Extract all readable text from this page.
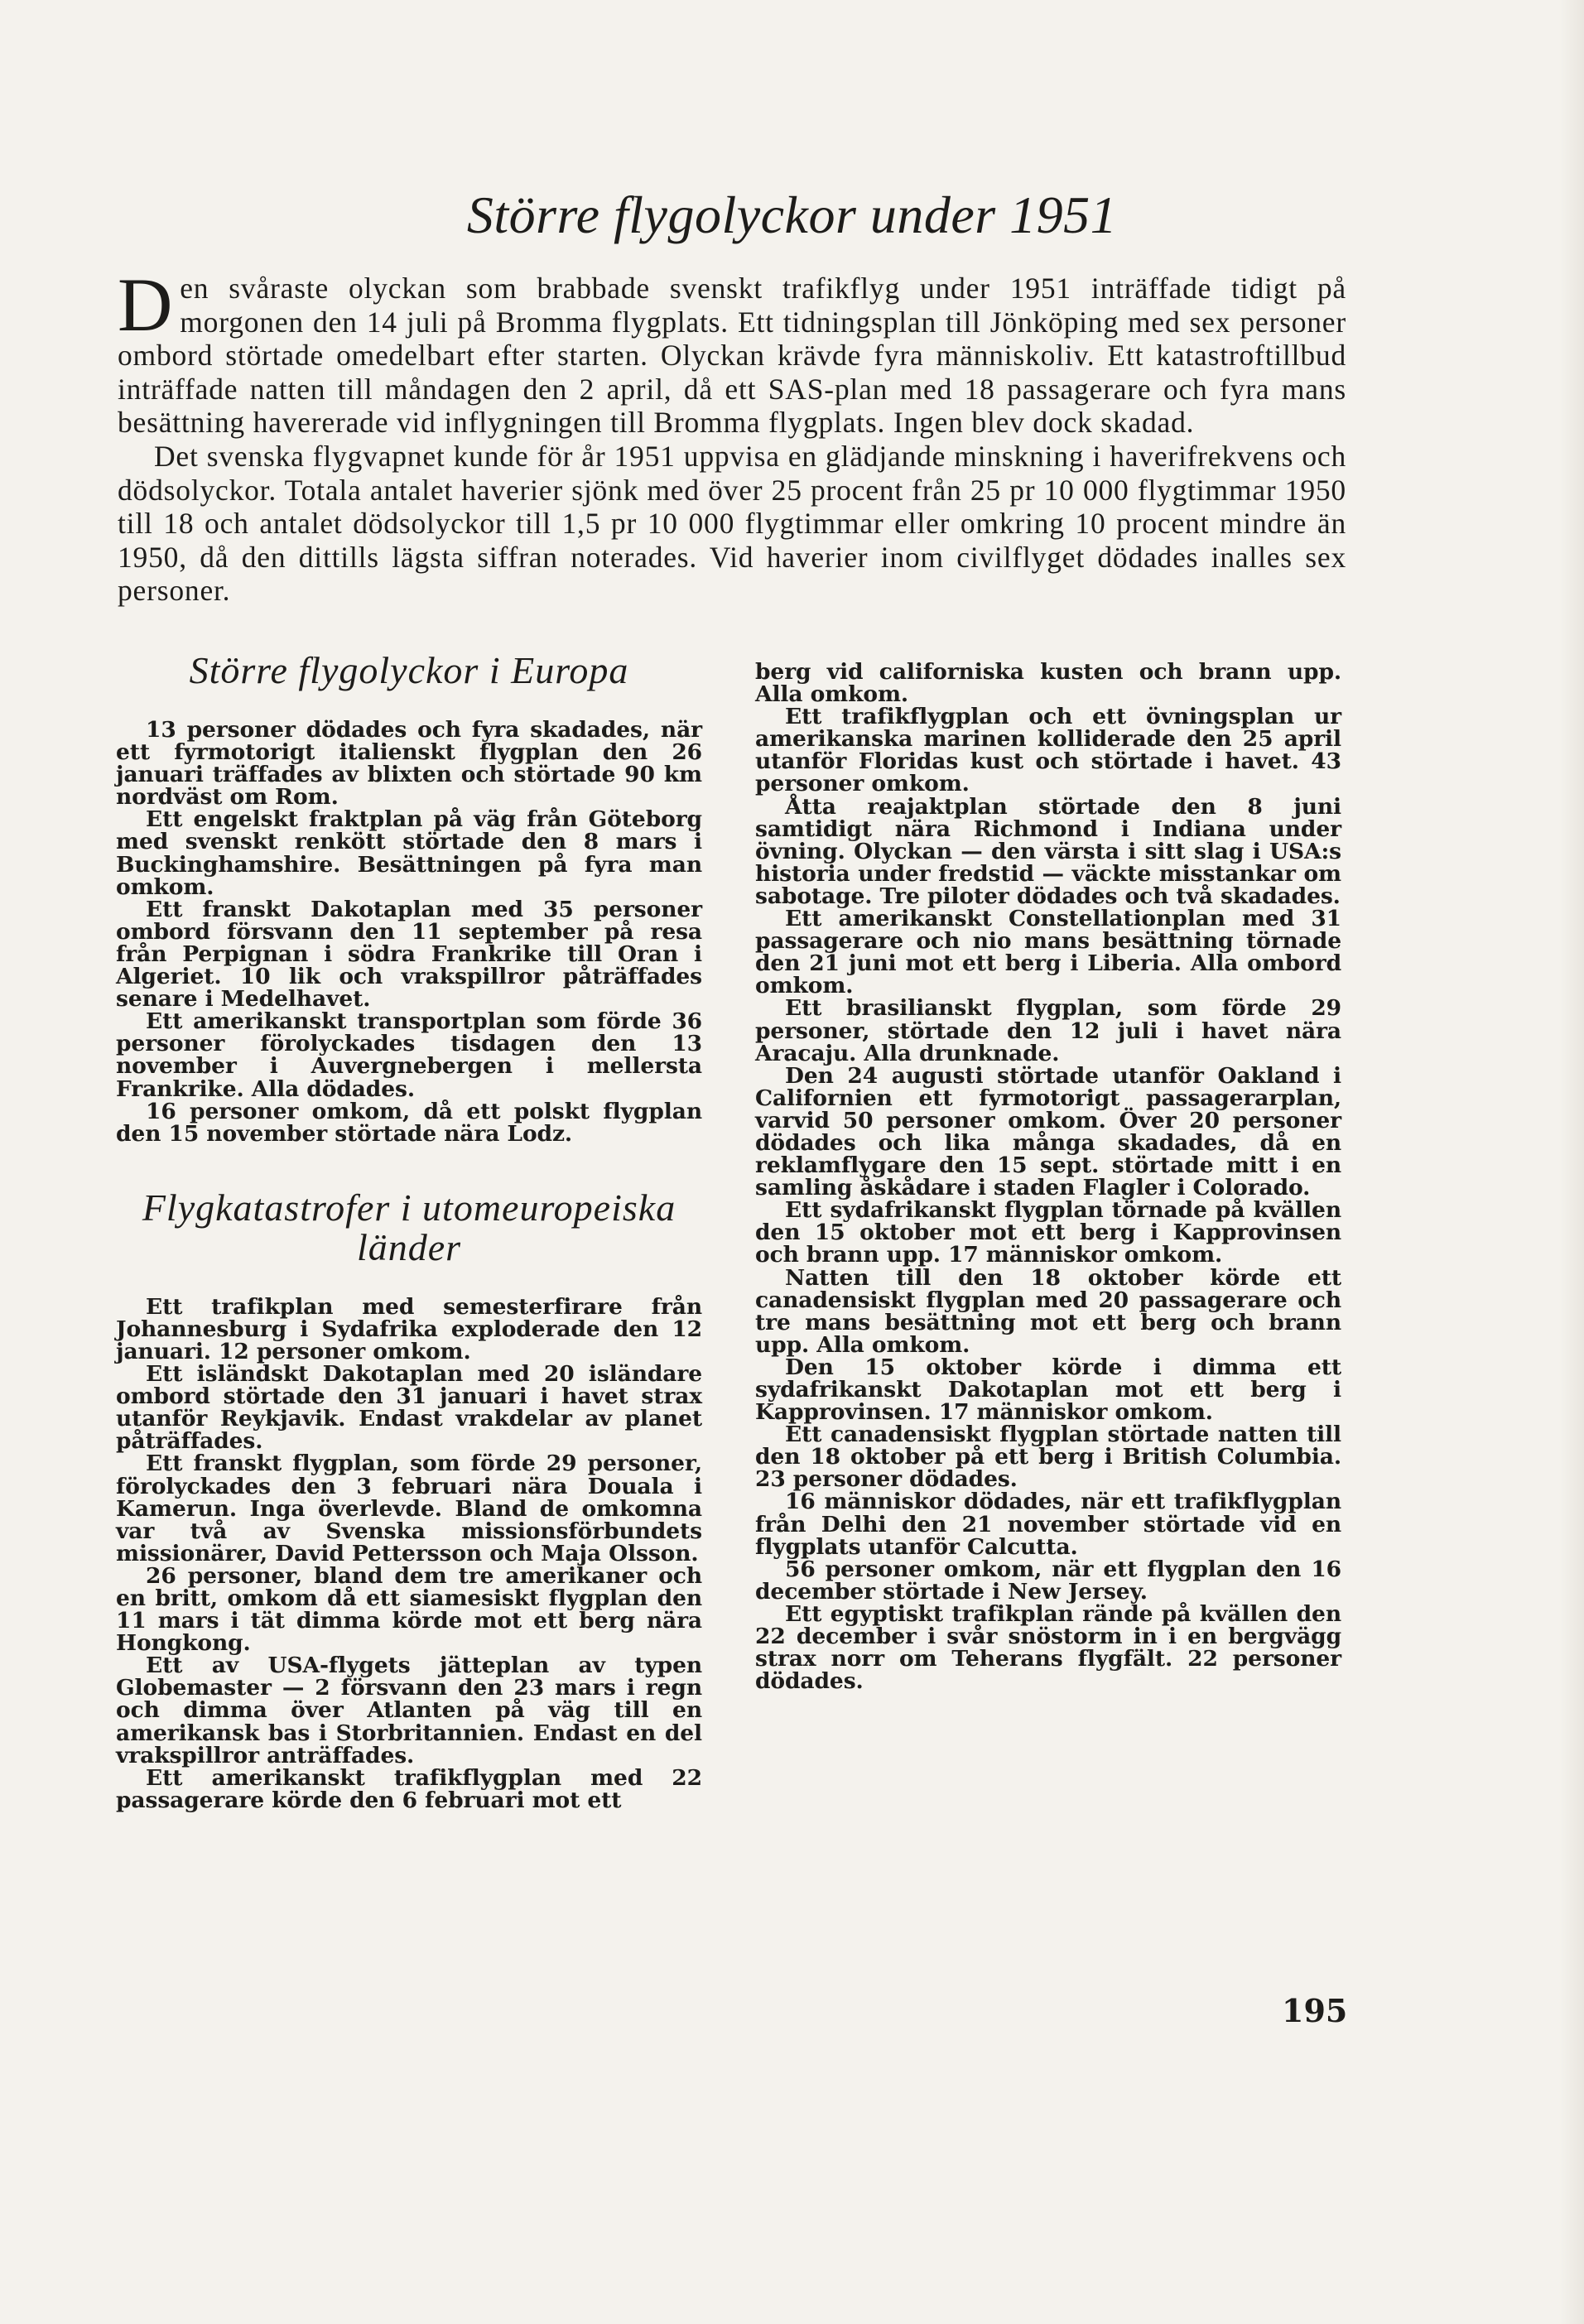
Större flygolyckor under 1951

Den svåraste olyckan som brabbade svenskt trafikflyg under 1951 inträffade tidigt på morgonen den 14 juli på Bromma flygplats. Ett tidningsplan till Jönköping med sex personer ombord störtade omedelbart efter starten. Olyckan krävde fyra människoliv. Ett katastroftillbud inträffade natten till måndagen den 2 april, då ett SAS-plan med 18 passagerare och fyra mans besättning havererade vid inflygningen till Bromma flygplats. Ingen blev dock skadad.

Det svenska flygvapnet kunde för år 1951 uppvisa en glädjande minskning i haverifrekvens och dödsolyckor. Totala antalet haverier sjönk med över 25 procent från 25 pr 10 000 flygtimmar 1950 till 18 och antalet dödsolyckor till 1,5 pr 10 000 flygtimmar eller omkring 10 procent mindre än 1950, då den dittills lägsta siffran noterades. Vid haverier inom civilflyget dödades inalles sex personer.

Större flygolyckor i Europa

13 personer dödades och fyra skadades, när ett fyrmotorigt italienskt flygplan den 26 januari träffades av blixten och störtade 90 km nordväst om Rom.

Ett engelskt fraktplan på väg från Göteborg med svenskt renkött störtade den 8 mars i Buckinghamshire. Besättningen på fyra man omkom.

Ett franskt Dakotaplan med 35 personer ombord försvann den 11 september på resa från Perpignan i södra Frankrike till Oran i Algeriet. 10 lik och vrakspillror påträffades senare i Medelhavet.

Ett amerikanskt transportplan som förde 36 personer förolyckades tisdagen den 13 november i Auvergnebergen i mellersta Frankrike. Alla dödades.

16 personer omkom, då ett polskt flygplan den 15 november störtade nära Lodz.

Flygkatastrofer i utomeuropeiska länder

Ett trafikplan med semesterfirare från Johannesburg i Sydafrika exploderade den 12 januari. 12 personer omkom.

Ett isländskt Dakotaplan med 20 isländare ombord störtade den 31 januari i havet strax utanför Reykjavik. Endast vrakdelar av planet påträffades.

Ett franskt flygplan, som förde 29 personer, förolyckades den 3 februari nära Douala i Kamerun. Inga överlevde. Bland de omkomna var två av Svenska missionsförbundets missionärer, David Pettersson och Maja Olsson.

26 personer, bland dem tre amerikaner och en britt, omkom då ett siamesiskt flygplan den 11 mars i tät dimma körde mot ett berg nära Hongkong.

Ett av USA-flygets jätteplan av typen Globemaster — 2 försvann den 23 mars i regn och dimma över Atlanten på väg till en amerikansk bas i Storbritannien. Endast en del vrakspillror anträffades.

Ett amerikanskt trafikflygplan med 22 passagerare körde den 6 februari mot ett

berg vid californiska kusten och brann upp. Alla omkom.

Ett trafikflygplan och ett övningsplan ur amerikanska marinen kolliderade den 25 april utanför Floridas kust och störtade i havet. 43 personer omkom.

Åtta reajaktplan störtade den 8 juni samtidigt nära Richmond i Indiana under övning. Olyckan — den värsta i sitt slag i USA:s historia under fredstid — väckte misstankar om sabotage. Tre piloter dödades och två skadades.

Ett amerikanskt Constellationplan med 31 passagerare och nio mans besättning törnade den 21 juni mot ett berg i Liberia. Alla ombord omkom.

Ett brasilianskt flygplan, som förde 29 personer, störtade den 12 juli i havet nära Aracaju. Alla drunknade.

Den 24 augusti störtade utanför Oakland i Californien ett fyrmotorigt passagerarplan, varvid 50 personer omkom. Över 20 personer dödades och lika många skadades, då en reklamflygare den 15 sept. störtade mitt i en samling åskådare i staden Flagler i Colorado.

Ett sydafrikanskt flygplan törnade på kvällen den 15 oktober mot ett berg i Kapprovinsen och brann upp. 17 människor omkom.

Natten till den 18 oktober körde ett canadensiskt flygplan med 20 passagerare och tre mans besättning mot ett berg och brann upp. Alla omkom.

Den 15 oktober körde i dimma ett sydafrikanskt Dakotaplan mot ett berg i Kapprovinsen. 17 människor omkom.

Ett canadensiskt flygplan störtade natten till den 18 oktober på ett berg i British Columbia. 23 personer dödades.

16 människor dödades, när ett trafikflygplan från Delhi den 21 november störtade vid en flygplats utanför Calcutta.

56 personer omkom, när ett flygplan den 16 december störtade i New Jersey.

Ett egyptiskt trafikplan rände på kvällen den 22 december i svår snöstorm in i en bergvägg strax norr om Teherans flygfält. 22 personer dödades.

195
